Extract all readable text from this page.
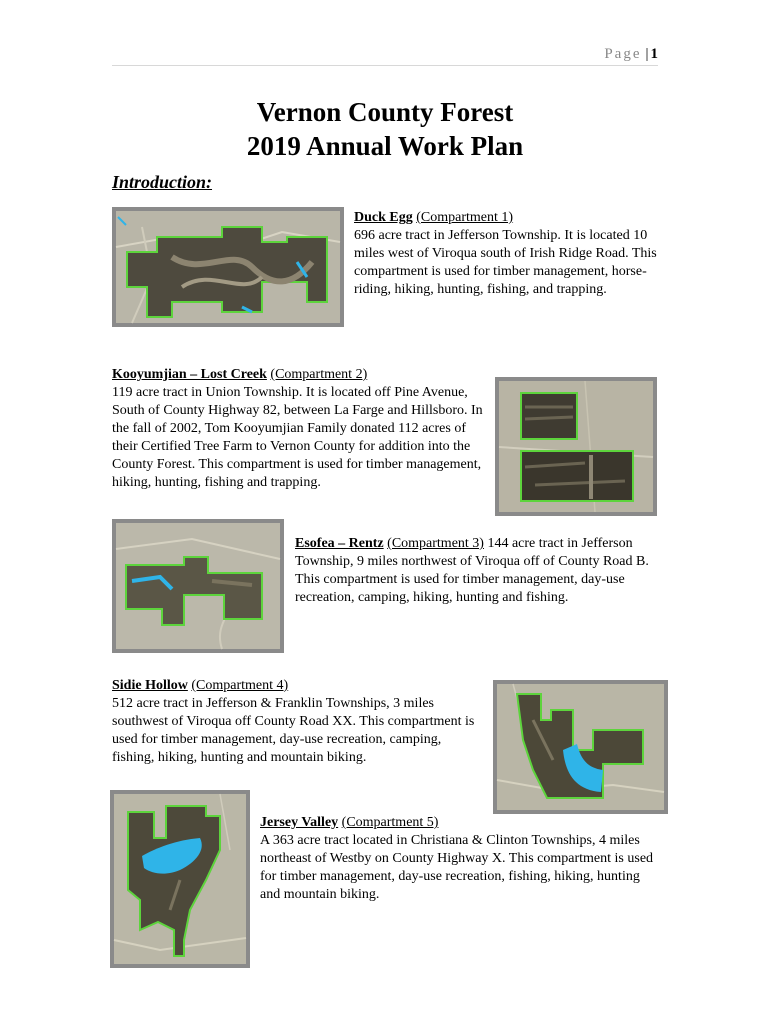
Page | 1
Vernon County Forest
2019 Annual Work Plan
Introduction:
Duck Egg (Compartment 1)
696 acre tract in Jefferson Township. It is located 10 miles west of Viroqua south of Irish Ridge Road. This compartment is used for timber management, horse-riding, hiking, hunting, fishing, and trapping.
Kooyumjian – Lost Creek (Compartment 2)
119 acre tract in Union Township. It is located off Pine Avenue, South of County Highway 82, between La Farge and Hillsboro. In the fall of 2002, Tom Kooyumjian Family donated 112 acres of their Certified Tree Farm to Vernon County for addition into the County Forest. This compartment is used for timber management, hiking, hunting, fishing and trapping.
Esofea – Rentz (Compartment 3) 144 acre tract in Jefferson Township, 9 miles northwest of Viroqua off of County Road B. This compartment is used for timber management, day-use recreation, camping, hiking, hunting and fishing.
Sidie Hollow (Compartment 4)
512 acre tract in Jefferson & Franklin Townships, 3 miles southwest of Viroqua off County Road XX. This compartment is used for timber management, day-use recreation, camping, fishing, hiking, hunting and mountain biking.
Jersey Valley (Compartment 5)
A 363 acre tract located in Christiana & Clinton Townships, 4 miles northeast of Westby on County Highway X. This compartment is used for timber management, day-use recreation, fishing, hiking, hunting and mountain biking.
